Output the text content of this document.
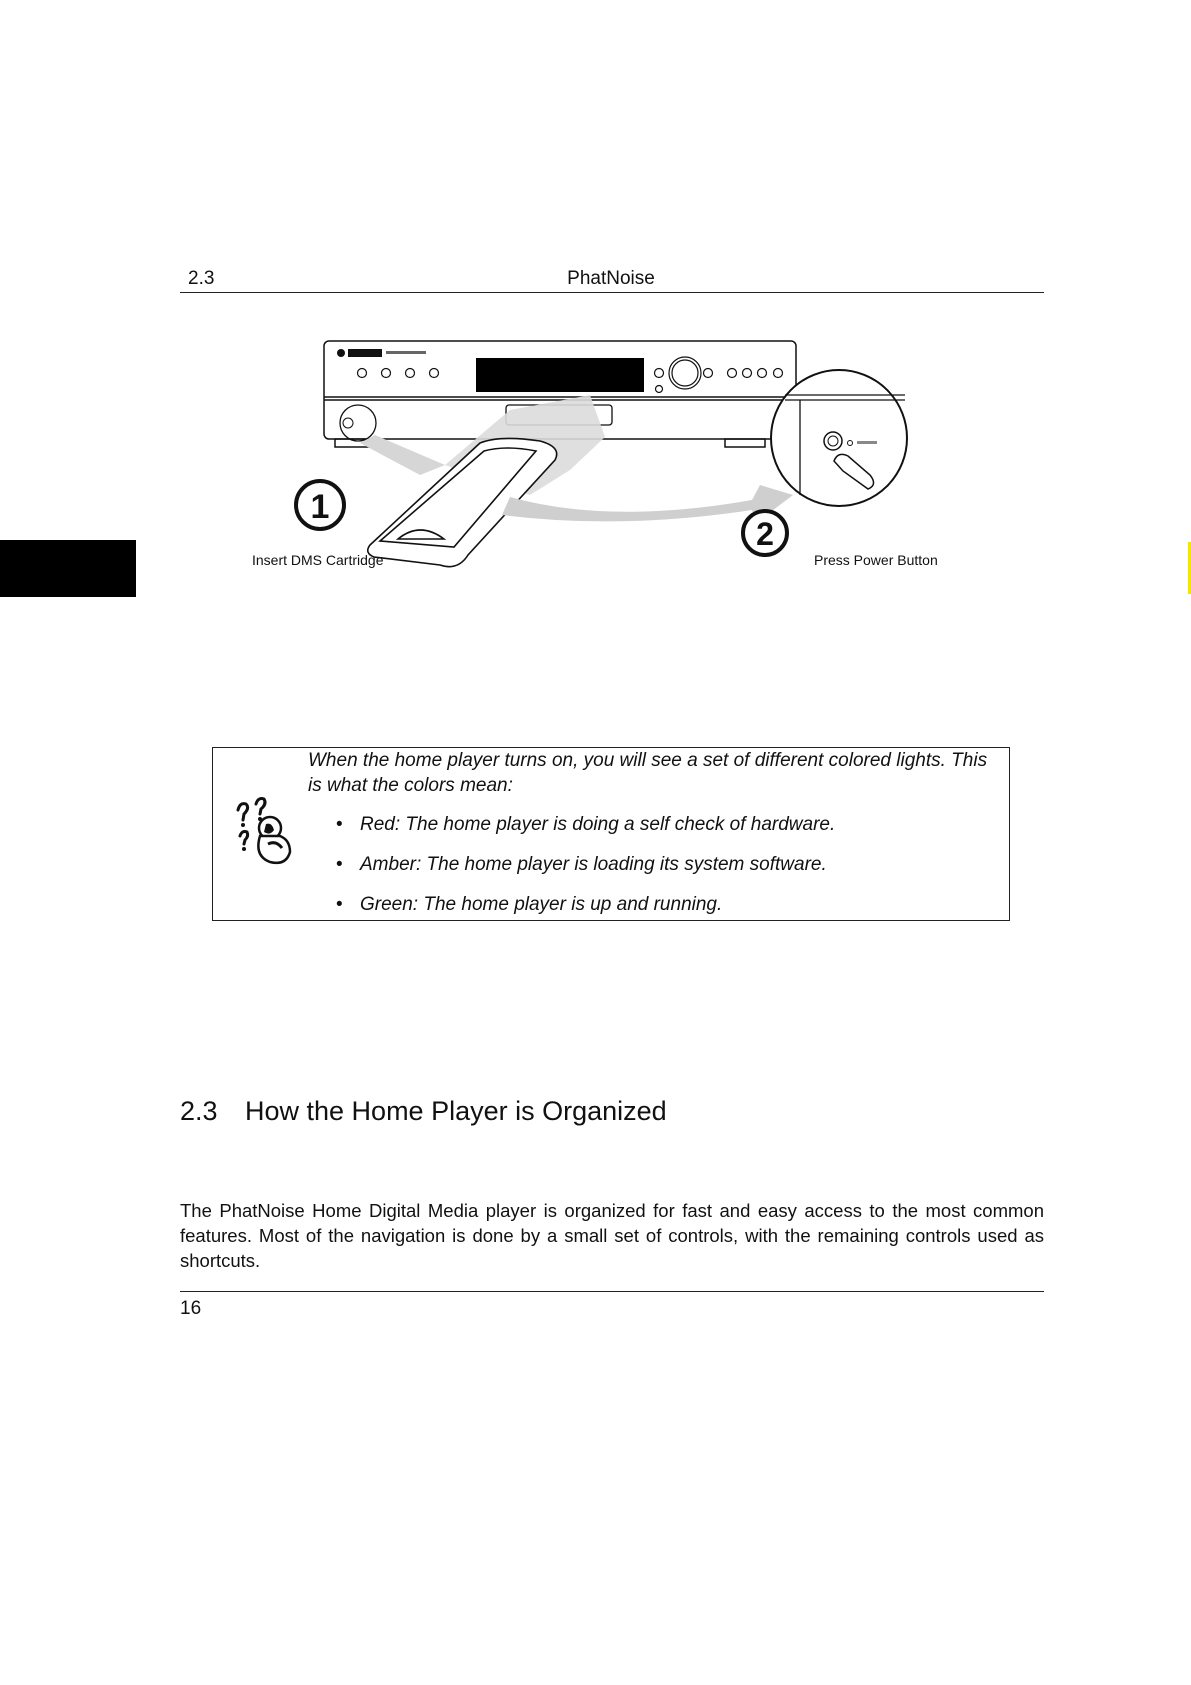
2.3	PhatNoise
1
2
Insert DMS Cartridge	Press Power Button
When the home player turns on, you will see a set of different colored lights. This is what the colors mean:
• Red: The home player is doing a self check of hardware.
• Amber: The home player is loading its system software.
• Green: The home player is up and running.
2.3 How the Home Player is Organized
The PhatNoise Home Digital Media player is organized for fast and easy access to the most common features. Most of the navigation is done by a small set of controls, with the remaining controls used as shortcuts.
16
